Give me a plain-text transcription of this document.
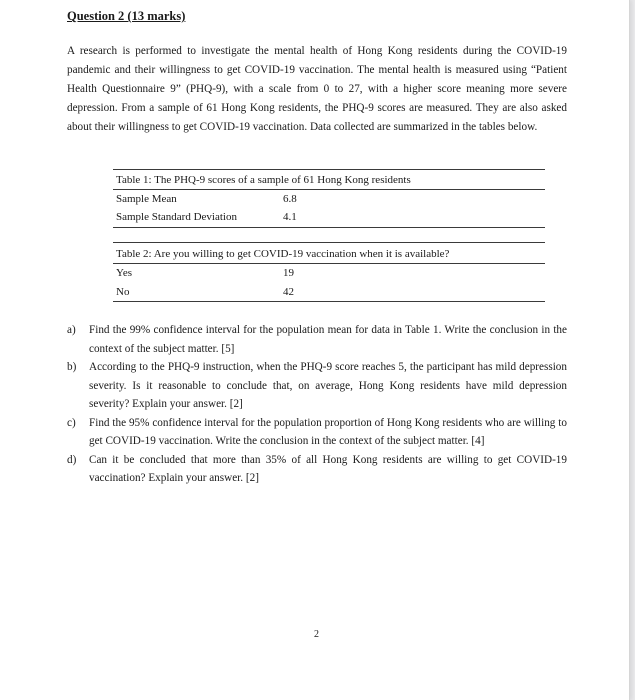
Question 2 (13 marks)
A research is performed to investigate the mental health of Hong Kong residents during the COVID-19 pandemic and their willingness to get COVID-19 vaccination. The mental health is measured using “Patient Health Questionnaire 9” (PHQ-9), with a scale from 0 to 27, with a higher score meaning more severe depression. From a sample of 61 Hong Kong residents, the PHQ-9 scores are measured. They are also asked about their willingness to get COVID-19 vaccination. Data collected are summarized in the tables below.
Table 1: The PHQ-9 scores of a sample of 61 Hong Kong residents
Sample Mean	6.8
Sample Standard Deviation	4.1
Table 2: Are you willing to get COVID-19 vaccination when it is available?
Yes	19
No	42
a) Find the 99% confidence interval for the population mean for data in Table 1. Write the conclusion in the context of the subject matter. [5]
b) According to the PHQ-9 instruction, when the PHQ-9 score reaches 5, the participant has mild depression severity. Is it reasonable to conclude that, on average, Hong Kong residents have mild depression severity? Explain your answer. [2]
c) Find the 95% confidence interval for the population proportion of Hong Kong residents who are willing to get COVID-19 vaccination. Write the conclusion in the context of the subject matter. [4]
d) Can it be concluded that more than 35% of all Hong Kong residents are willing to get COVID-19 vaccination? Explain your answer. [2]
2
